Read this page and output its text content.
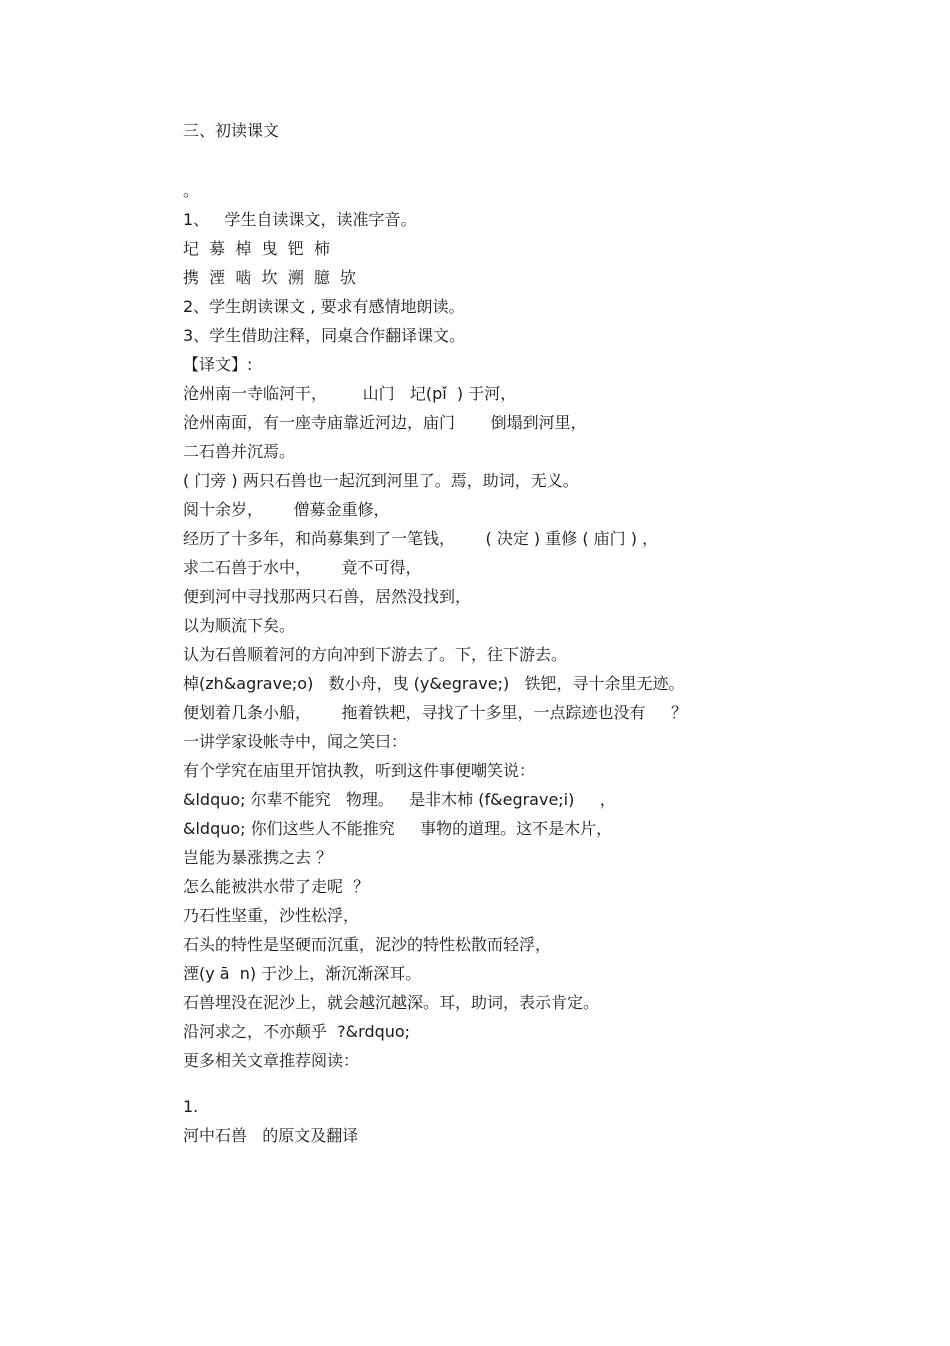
三、初读课文
。
1、   学生自读课文，读准字音。
圮  募  棹  曳  钯  柿
携  湮  啮  坎  溯  臆  欤
2、学生朗读课文 , 要求有感情地朗读。
3、学生借助注释，同桌合作翻译课文。
【译文】:
沧州南一寺临河干，       山门   圮(pǐ  ) 于河，
沧州南面，有一座寺庙靠近河边，庙门       倒塌到河里，
二石兽并沉焉。
( 门旁 ) 两只石兽也一起沉到河里了。焉，助词，无义。
阅十余岁，      僧募金重修，
经历了十多年，和尚募集到了一笔钱，      ( 决定 ) 重修 ( 庙门 ) ，
求二石兽于水中，      竟不可得，
便到河中寻找那两只石兽，居然没找到，
以为顺流下矣。
认为石兽顺着河的方向冲到下游去了。下，往下游去。
棹(zh&agrave;o)   数小舟，曳 (y&egrave;)   铁钯，寻十余里无迹。
便划着几条小船，      拖着铁耙，寻找了十多里，一点踪迹也没有     ？
一讲学家设帐寺中，闻之笑曰：
有个学究在庙里开馆执教，听到这件事便嘲笑说：
&ldquo; 尔辈不能究   物理。   是非木柿 (f&egrave;i)     ，
&ldquo; 你们这些人不能推究     事物的道理。这不是木片，
岂能为暴涨携之去 ？
怎么能被洪水带了走呢  ？
乃石性坚重，沙性松浮，
石头的特性是坚硬而沉重，泥沙的特性松散而轻浮，
湮(y ā  n) 于沙上，渐沉渐深耳。
石兽埋没在泥沙上，就会越沉越深。耳，助词，表示肯定。
沿河求之，不亦颠乎  ?&rdquo;
更多相关文章推荐阅读：
1.
河中石兽   的原文及翻译
